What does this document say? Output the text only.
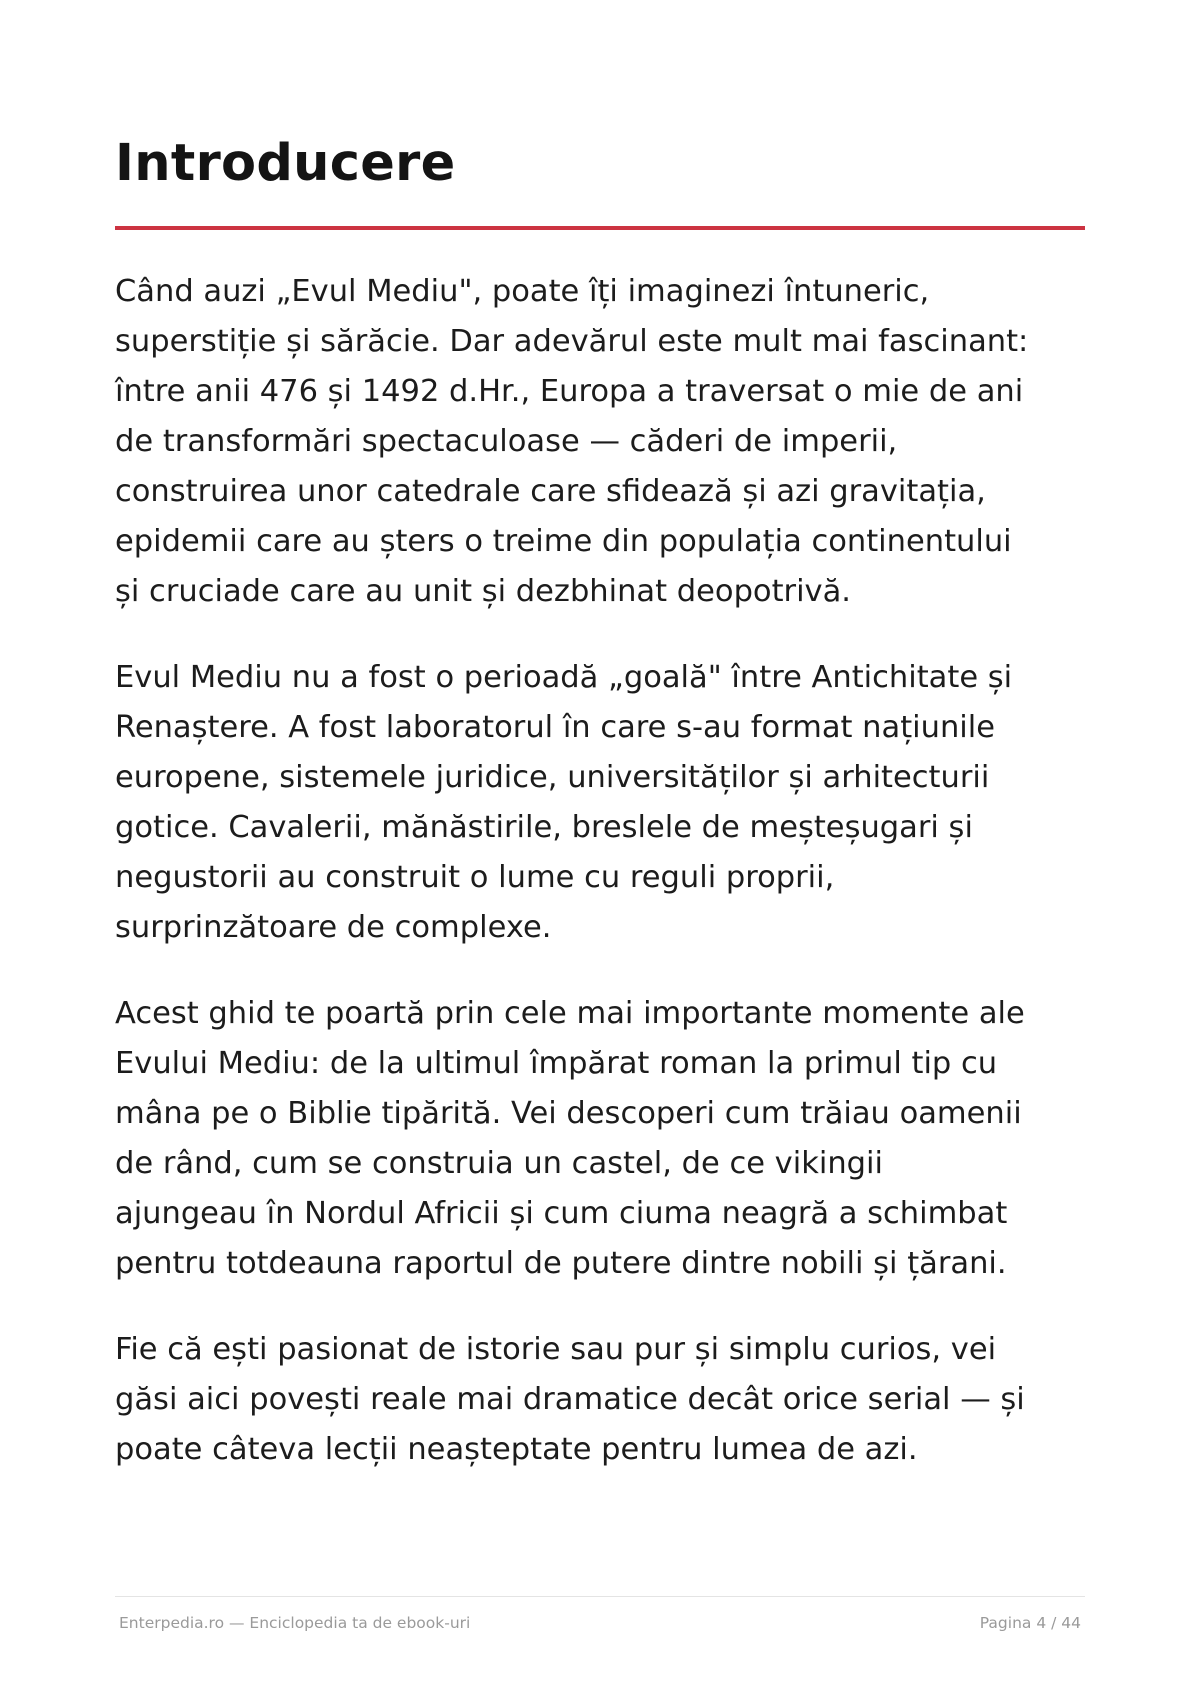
Introducere

Când auzi „Evul Mediu", poate îți imaginezi întuneric,
superstiție și sărăcie. Dar adevărul este mult mai fascinant:
între anii 476 și 1492 d.Hr., Europa a traversat o mie de ani
de transformări spectaculoase — căderi de imperii,
construirea unor catedrale care sfidează și azi gravitația,
epidemii care au șters o treime din populația continentului
și cruciade care au unit și dezbhinat deopotrivă.

Evul Mediu nu a fost o perioadă „goală" între Antichitate și
Renaștere. A fost laboratorul în care s-au format națiunile
europene, sistemele juridice, universităților și arhitecturii
gotice. Cavalerii, mănăstirile, breslele de meșteșugari și
negustorii au construit o lume cu reguli proprii,
surprinzătoare de complexe.

Acest ghid te poartă prin cele mai importante momente ale
Evului Mediu: de la ultimul împărat roman la primul tip cu
mâna pe o Biblie tipărită. Vei descoperi cum trăiau oamenii
de rând, cum se construia un castel, de ce vikingii
ajungeau în Nordul Africii și cum ciuma neagră a schimbat
pentru totdeauna raportul de putere dintre nobili și țărani.

Fie că ești pasionat de istorie sau pur și simplu curios, vei
găsi aici povești reale mai dramatice decât orice serial — și
poate câteva lecții neașteptate pentru lumea de azi.

Enterpedia.ro — Enciclopedia ta de ebook-uri	Pagina 4 / 44
